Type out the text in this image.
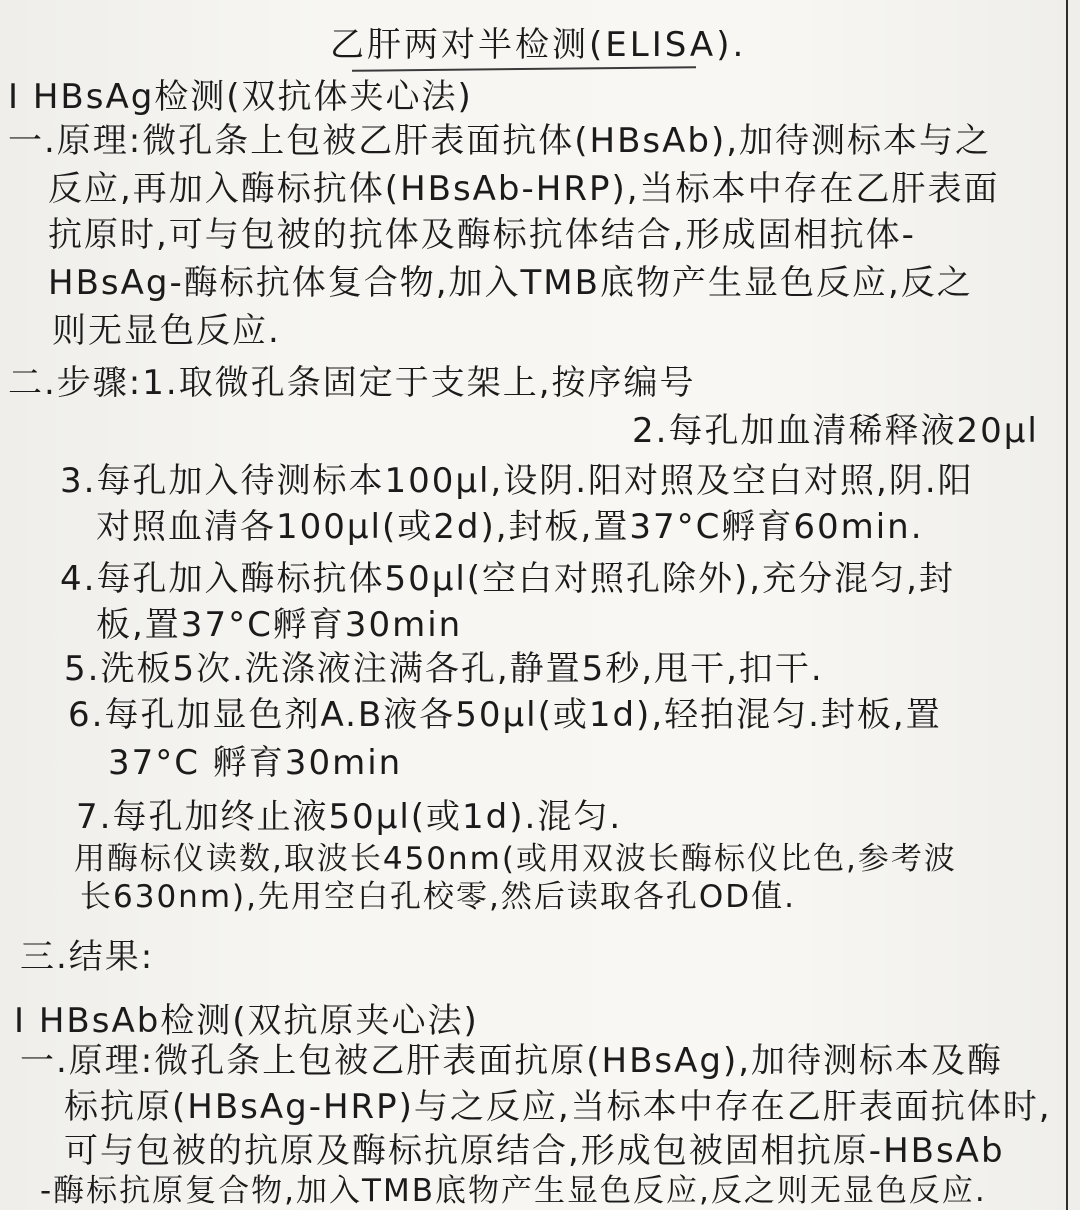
乙肝两对半检测(ELISA).
I HBsAg检测(双抗体夹心法)
一.原理:微孔条上包被乙肝表面抗体(HBsAb),加待测标本与之
反应,再加入酶标抗体(HBsAb-HRP),当标本中存在乙肝表面
抗原时,可与包被的抗体及酶标抗体结合,形成固相抗体-
HBsAg-酶标抗体复合物,加入TMB底物产生显色反应,反之
则无显色反应.
二.步骤:1.取微孔条固定于支架上,按序编号
2.每孔加血清稀释液20μl
3.每孔加入待测标本100μl,设阴.阳对照及空白对照,阴.阳
对照血清各100μl(或2d),封板,置37°C孵育60min.
4.每孔加入酶标抗体50μl(空白对照孔除外),充分混匀,封
板,置37°C孵育30min
5.洗板5次.洗涤液注满各孔,静置5秒,甩干,扣干.
6.每孔加显色剂A.B液各50μl(或1d),轻拍混匀.封板,置
37°C 孵育30min
7.每孔加终止液50μl(或1d).混匀.
用酶标仪读数,取波长450nm(或用双波长酶标仪比色,参考波
长630nm),先用空白孔校零,然后读取各孔OD值.
三.结果:
I HBsAb检测(双抗原夹心法)
一.原理:微孔条上包被乙肝表面抗原(HBsAg),加待测标本及酶
标抗原(HBsAg-HRP)与之反应,当标本中存在乙肝表面抗体时,
可与包被的抗原及酶标抗原结合,形成包被固相抗原-HBsAb
-酶标抗原复合物,加入TMB底物产生显色反应,反之则无显色反应.
